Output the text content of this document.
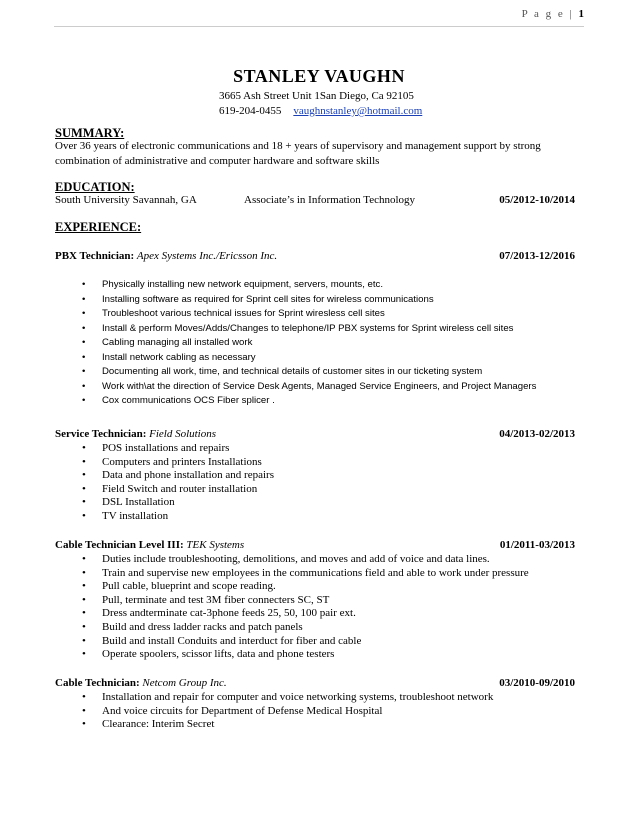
P a g e | 1
STANLEY VAUGHN
3665 Ash Street Unit 1San Diego, Ca 92105
619-204-0455 vaughnstanley@hotmail.com
SUMMARY:
Over 36 years of electronic communications and 18 + years of supervisory and management support by strong combination of administrative and computer hardware and software skills
EDUCATION:
South University Savannah, GA	Associate’s in Information Technology	05/2012-10/2014
EXPERIENCE:
PBX Technician: Apex Systems Inc./Ericsson Inc.	07/2013-12/2016
• Physically installing new network equipment, servers, mounts, etc.
• Installing software as required for Sprint cell sites for wireless communications
• Troubleshoot various technical issues for Sprint wiresless cell sites
• Install & perform Moves/Adds/Changes to telephone/IP PBX systems for Sprint wireless cell sites
• Cabling managing all installed work
• Install network cabling as necessary
• Documenting all work, time, and technical details of customer sites in our ticketing system
• Work with\at the direction of Service Desk Agents, Managed Service Engineers, and Project Managers
• Cox communications OCS Fiber splicer .
Service Technician: Field Solutions	04/2013-02/2013
• POS installations and repairs
• Computers and printers Installations
• Data and phone installation and repairs
• Field Switch and router installation
• DSL Installation
• TV installation
Cable Technician Level III: TEK Systems	01/2011-03/2013
• Duties include troubleshooting, demolitions, and moves and add of voice and data lines.
• Train and supervise new employees in the communications field and able to work under pressure
• Pull cable, blueprint and scope reading.
• Pull, terminate and test 3M fiber connecters SC, ST
• Dress andterminate cat-3phone feeds 25, 50, 100 pair ext.
• Build and dress ladder racks and patch panels
• Build and install Conduits and interduct for fiber and cable
• Operate spoolers, scissor lifts, data and phone testers
Cable Technician: Netcom Group Inc.	03/2010-09/2010
• Installation and repair for computer and voice networking systems, troubleshoot network
• And voice circuits for Department of Defense Medical Hospital
• Clearance: Interim Secret
